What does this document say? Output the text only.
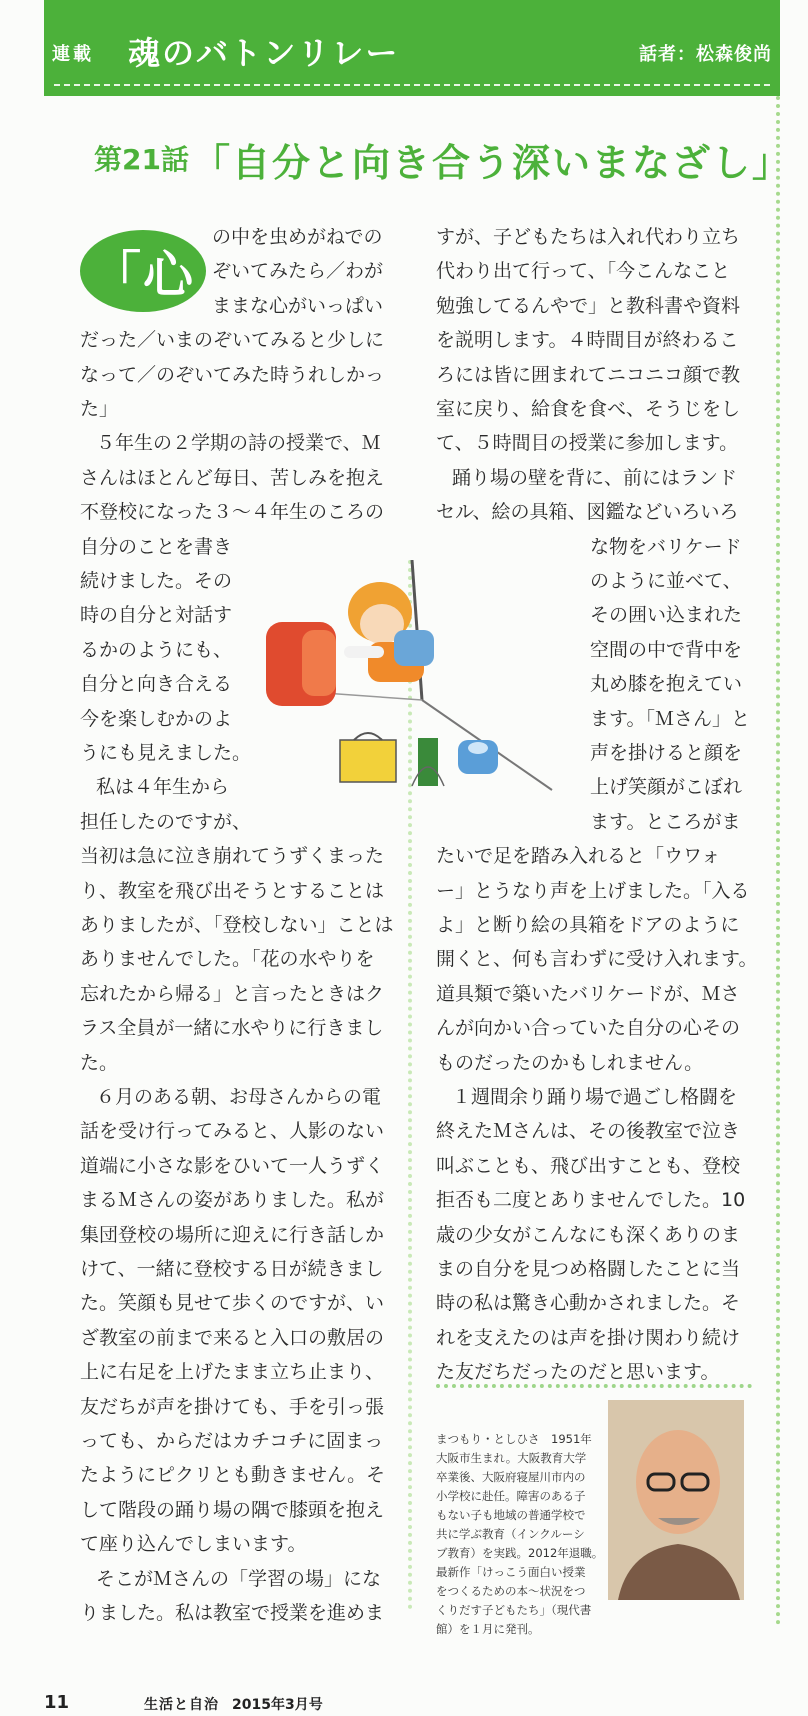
連載 魂のバトンリレー	話者：松森俊尚
第21話 「自分と向き合う深いまなざし」
「心
の中を虫めがねでの
ぞいてみたら／わが
ままな心がいっぱい
だった／いまのぞいてみると少しに
なって／のぞいてみた時うれしかっ
た」
５年生の２学期の詩の授業で、Ｍ
さんはほとんど毎日、苦しみを抱え
不登校になった３～４年生のころの
自分のことを書き
続けました。その
時の自分と対話す
るかのようにも、
自分と向き合える
今を楽しむかのよ
うにも見えました。
私は４年生から
担任したのですが、
当初は急に泣き崩れてうずくまった
り、教室を飛び出そうとすることは
ありましたが、「登校しない」ことは
ありませんでした。「花の水やりを
忘れたから帰る」と言ったときはク
ラス全員が一緒に水やりに行きまし
た。
６月のある朝、お母さんからの電
話を受け行ってみると、人影のない
道端に小さな影をひいて一人うずく
まるＭさんの姿がありました。私が
集団登校の場所に迎えに行き話しか
けて、一緒に登校する日が続きまし
た。笑顔も見せて歩くのですが、い
ざ教室の前まで来ると入口の敷居の
上に右足を上げたまま立ち止まり、
友だちが声を掛けても、手を引っ張
っても、からだはカチコチに固まっ
たようにピクリとも動きません。そ
して階段の踊り場の隅で膝頭を抱え
て座り込んでしまいます。
そこがＭさんの「学習の場」にな
りました。私は教室で授業を進めま
すが、子どもたちは入れ代わり立ち
代わり出て行って、「今こんなこと
勉強してるんやで」と教科書や資料
を説明します。４時間目が終わるこ
ろには皆に囲まれてニコニコ顔で教
室に戻り、給食を食べ、そうじをし
て、５時間目の授業に参加します。
踊り場の壁を背に、前にはランド
セル、絵の具箱、図鑑などいろいろ
な物をバリケード
のように並べて、
その囲い込まれた
空間の中で背中を
丸め膝を抱えてい
ます。「Ｍさん」と
声を掛けると顔を
上げ笑顔がこぼれ
ます。ところがま
たいで足を踏み入れると「ウワォ
ー」とうなり声を上げました。「入る
よ」と断り絵の具箱をドアのように
開くと、何も言わずに受け入れます。
道具類で築いたバリケードが、Ｍさ
んが向かい合っていた自分の心その
ものだったのかもしれません。
１週間余り踊り場で過ごし格闘を
終えたＭさんは、その後教室で泣き
叫ぶことも、飛び出すことも、登校
拒否も二度とありませんでした。10
歳の少女がこんなにも深くありのま
まの自分を見つめ格闘したことに当
時の私は驚き心動かされました。そ
れを支えたのは声を掛け関わり続け
た友だちだったのだと思います。
まつもり・としひさ　1951年
大阪市生まれ。大阪教育大学
卒業後、大阪府寝屋川市内の
小学校に赴任。障害のある子
もない子も地域の普通学校で
共に学ぶ教育（インクルーシ
ブ教育）を実践。2012年退職。
最新作「けっこう面白い授業
をつくるための本～状況をつ
くりだす子どもたち」（現代書
館）を１月に発刊。
11	生活と自治 2015年3月号
